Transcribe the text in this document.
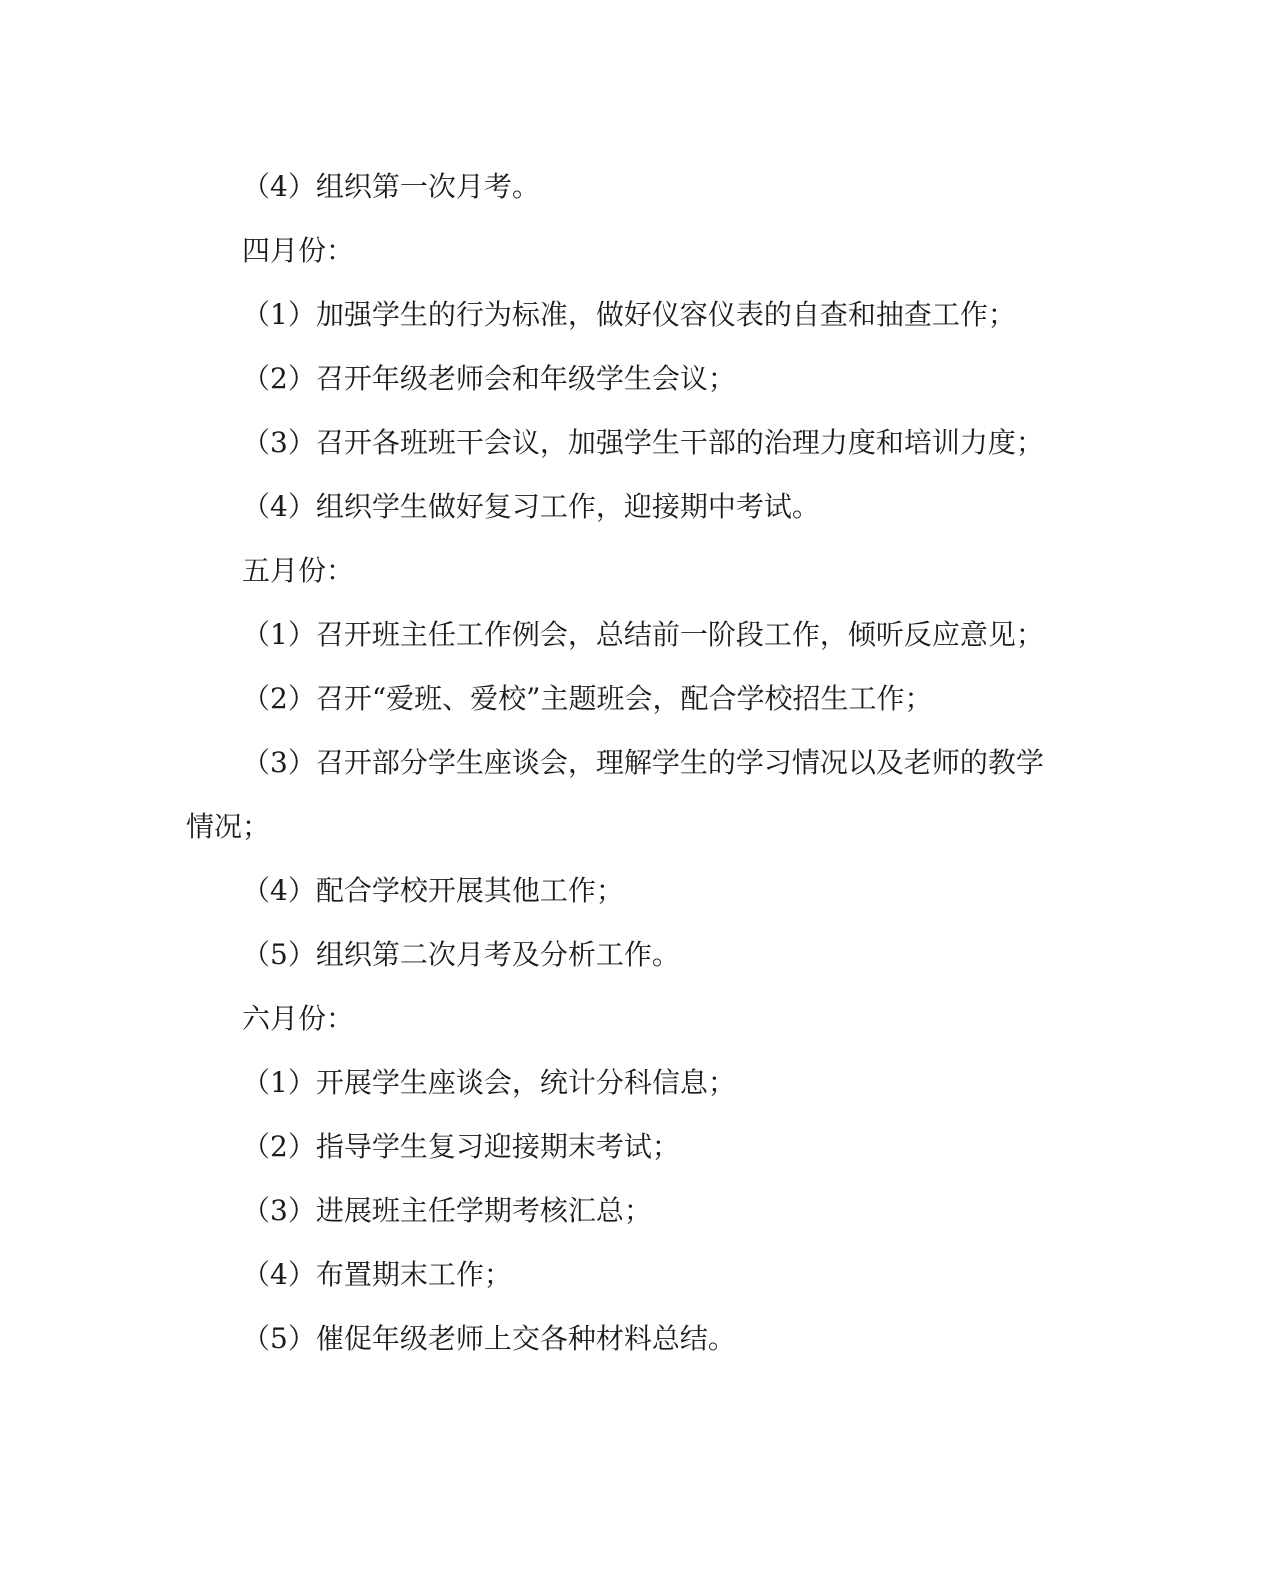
（4）组织第一次月考。

四月份：

（1）加强学生的行为标准，做好仪容仪表的自查和抽查工作；

（2）召开年级老师会和年级学生会议；

（3）召开各班班干会议，加强学生干部的治理力度和培训力度；

（4）组织学生做好复习工作，迎接期中考试。

五月份：

（1）召开班主任工作例会，总结前一阶段工作，倾听反应意见；

（2）召开“爱班、爱校”主题班会，配合学校招生工作；

（3）召开部分学生座谈会，理解学生的学习情况以及老师的教学情况；

（4）配合学校开展其他工作；

（5）组织第二次月考及分析工作。

六月份：

（1）开展学生座谈会，统计分科信息；

（2）指导学生复习迎接期末考试；

（3）进展班主任学期考核汇总；

（4）布置期末工作；

（5）催促年级老师上交各种材料总结。
